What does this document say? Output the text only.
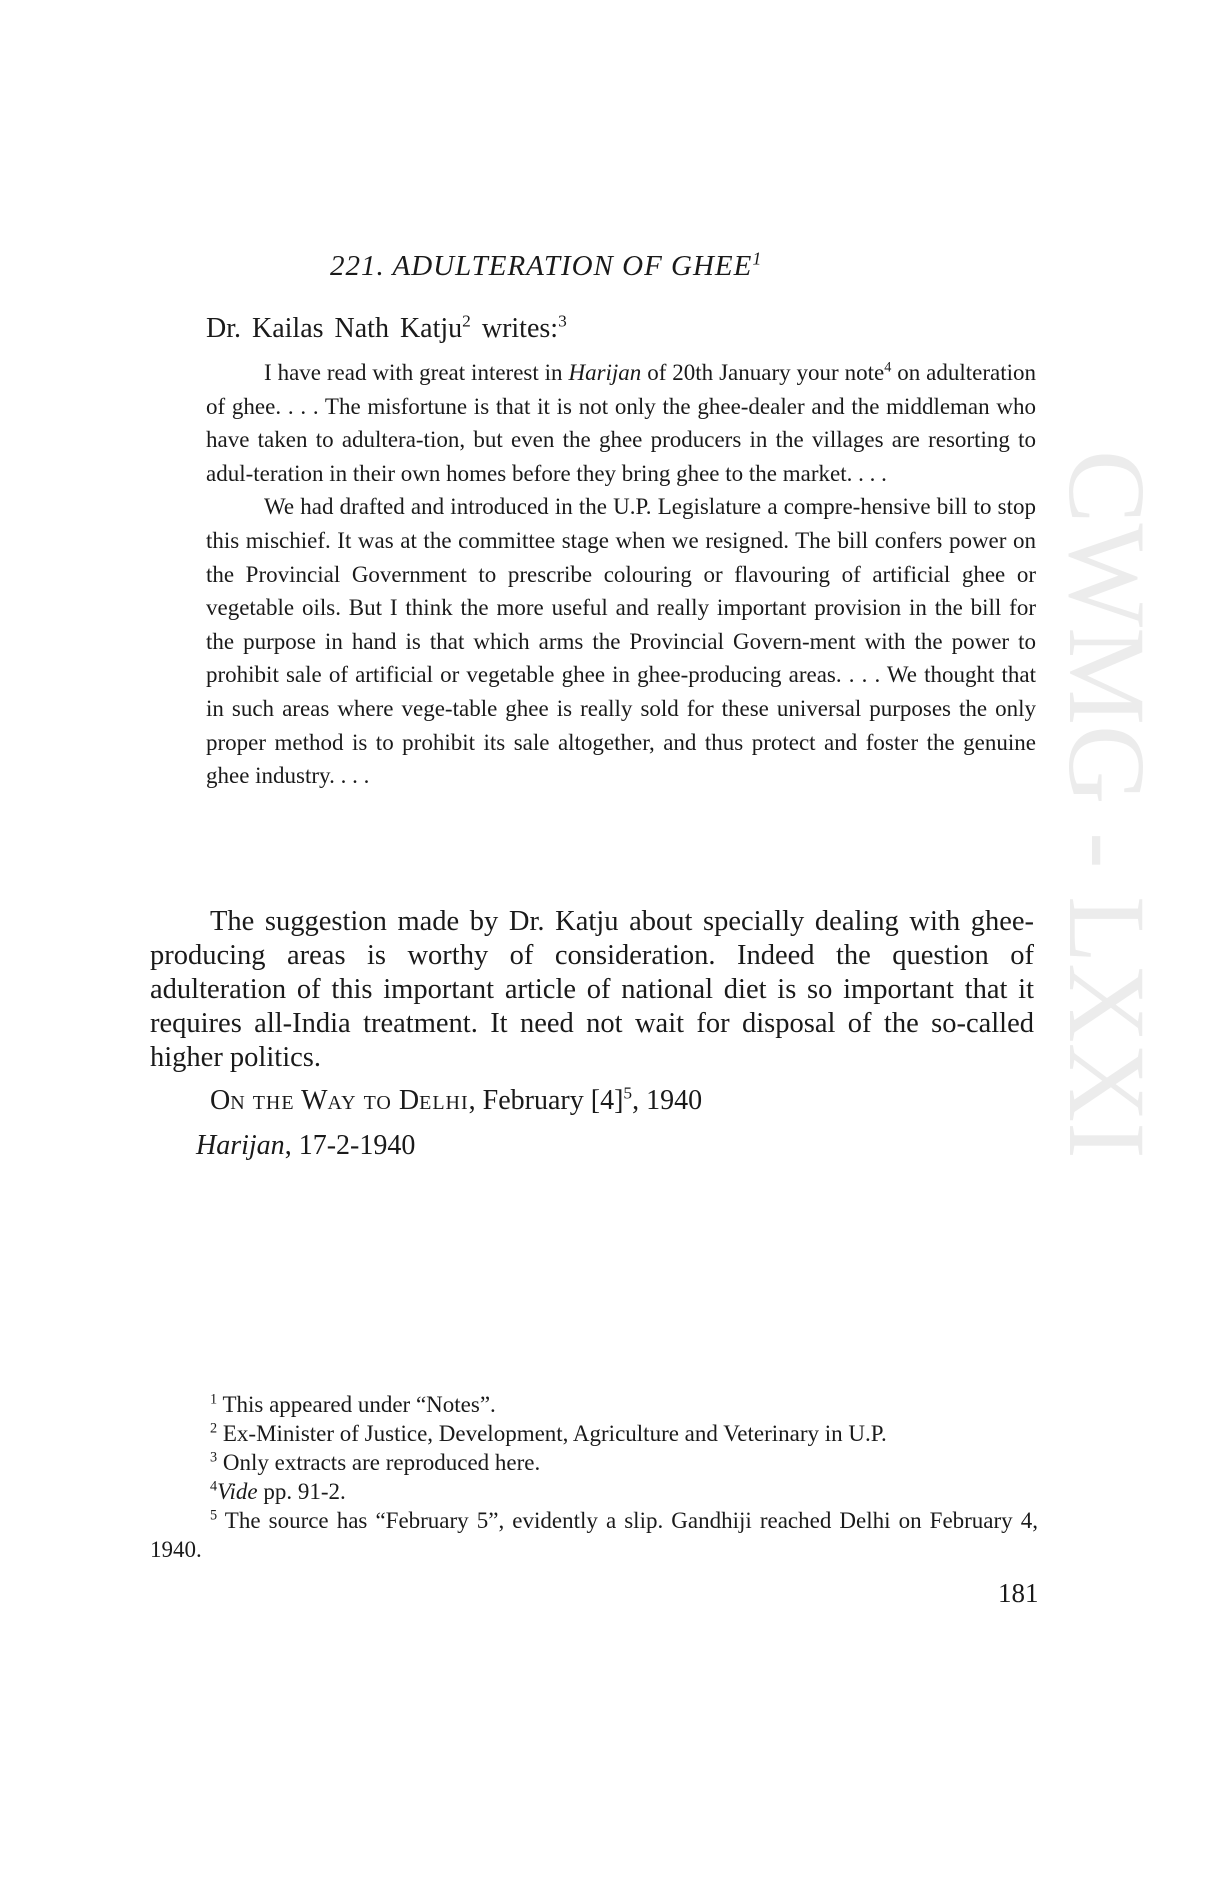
CWMG - LXXI
221. ADULTERATION OF GHEE$^1$
Dr. Kailas Nath Katju$^2$ writes:$^3$

I have read with great interest in Harijan of 20th January your note$^4$ on adulteration of ghee. . . . The misfortune is that it is not only the ghee-dealer and the middleman who have taken to adultera-tion, but even the ghee producers in the villages are resorting to adul-teration in their own homes before they bring ghee to the market. . . .

We had drafted and introduced in the U.P. Legislature a compre-hensive bill to stop this mischief. It was at the committee stage when we resigned. The bill confers power on the Provincial Government to prescribe colouring or flavouring of artificial ghee or vegetable oils. But I think the more useful and really important provision in the bill for the purpose in hand is that which arms the Provincial Govern-ment with the power to prohibit sale of artificial or vegetable ghee in ghee-producing areas. . . . We thought that in such areas where vege-table ghee is really sold for these universal purposes the only proper method is to prohibit its sale altogether, and thus protect and foster the genuine ghee industry. . . .

The suggestion made by Dr. Katju about specially dealing with ghee-producing areas is worthy of consideration. Indeed the question of adulteration of this important article of national diet is so important that it requires all-India treatment. It need not wait for disposal of the so-called higher politics.

ON THE WAY TO DELHI, February $[4]^5$, 1940
Harijan, 17-2-1940

$^1$ This appeared under “Notes”.

$^2$ Ex-Minister of Justice, Development, Agriculture and Veterinary in U.P.

$^3$ Only extracts are reproduced here.

$^4$Vide pp. 91-2.

$^5$ The source has “February 5”, evidently a slip. Gandhiji reached Delhi on February 4, 1940.

181
